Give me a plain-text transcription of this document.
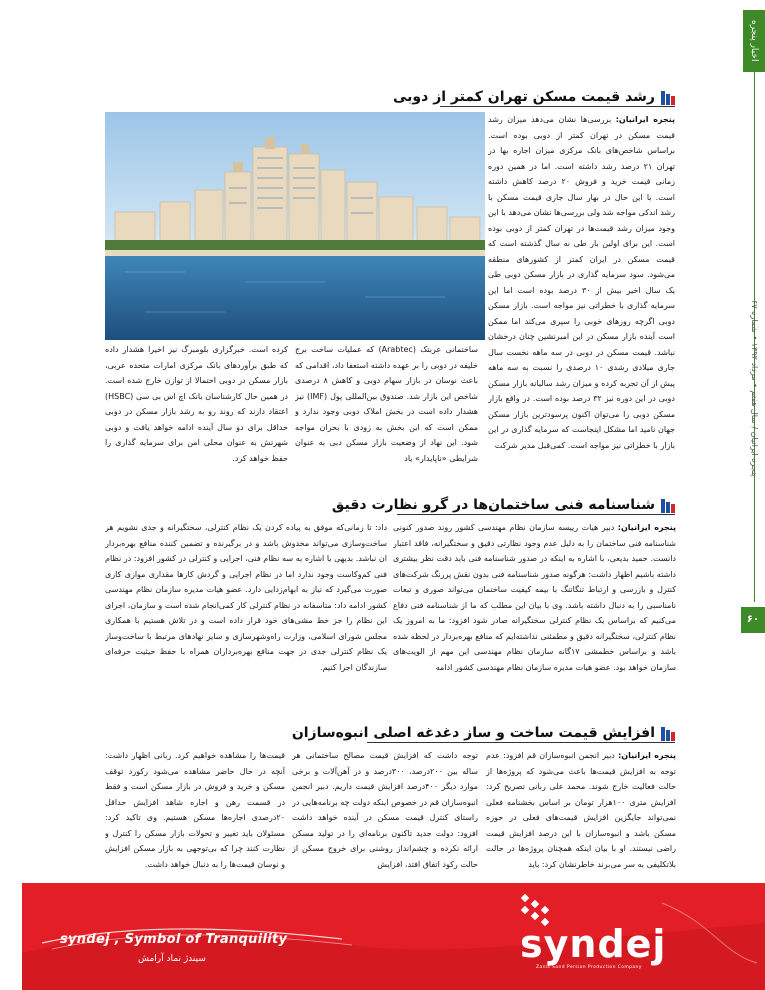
اخبار پنجره
پنجره ایرانیان / سال هفتم • مرداد ۱۳۹۲ • شماره ۶۷
۶۰
رشد قیمت مسکن تهران کمتر از دوبی
پنجره ایرانیان: بررسی‌ها نشان می‌دهد میزان رشد قیمت مسکن در تهران کمتر از دوبی بوده است. براساس شاخص‌های بانک مرکزی میزان اجاره بها در تهران ۲۱ درصد رشد داشته است. اما در همین دوره زمانی قیمت خرید و فروش ۲۰ درصد کاهش داشته است. با این حال در بهار سال جاری قیمت مسکن با رشد اندکی مواجه شد ولی بررسی‌ها نشان می‌دهد با این وجود میزان رشد قیمت‌ها در تهران کمتر از دوبی بوده است. این برای اولین بار طی نه سال گذشته است که قیمت مسکن در ایران کمتر از کشورهای منطقه می‌شود. سود سرمایه گذاری در بازار مسکن دوبی طی یک سال اخیر بیش از ۳۰ درصد بوده است اما این سرمایه گذاری با خطراتی نیز مواجه است. بازار مسکن دوبی اگرچه روزهای خوبی را سپری می‌کند اما ممکن است آینده بازار مسکن در این امیرنشین چنان درخشان نباشد. قیمت مسکن در دوبی در سه ماهه نخست سال جاری میلادی رشدی ۱۰ درصدی را نسبت به سه ماهه پیش از آن تجربه کرده و میزان رشد سالیانه بازار مسکن دوبی در این دوره نیز ۳۲ درصد بوده است. در واقع بازار مسکن دوبی را می‌توان اکنون پرسودترین بازار مسکن جهان نامید اما مشکل اینجاست که سرمایه گذاری در این بازار با خطراتی نیز مواجه است. کمی‌قبل مدیر شرکت
ساختمانی عربتک (Arabtec) که عملیات ساخت برج خلیفه در دوبی را بر عهده داشته استعفا داد، اقدامی که باعث نوسان در بازار سهام دوبی و کاهش ۸ درصدی شاخص این بازار شد. صندوق بین‌المللی پول (IMF) نیز هشدار داده است در بخش املاک دوبی وجود ندارد و ممکن است که این بخش به زودی با بحران مواجه شود. این نهاد از وضعیت بازار مسکن دبی به عنوان شرایطی «ناپایدار» یاد
کرده است. خبرگزاری بلومبرگ نیز اخیرا هشدار داده که طبق برآوردهای بانک مرکزی امارات متحده عربی، بازار مسکن در دوبی احتمالا از توازن خارج شده است. در همین حال کارشناسان بانک اچ اس بی سی (HSBC) اعتقاد دارند که روند رو به رشد بازار مسکن در دوبی حداقل برای دو سال آینده ادامه خواهد یافت و دوبی شهرتش به عنوان محلی امن برای سرمایه گذاری را حفظ خواهد کرد.
شناسنامه فنی ساختمان‌ها در گرو نظارت دقیق
پنجره ایرانیان: دبیر هیات رییسه سازمان نظام مهندسی کشور روند صدور کنونی شناسنامه فنی ساختمان را به دلیل عدم وجود نظارتی دقیق و سختگیرانه، فاقد اعتبار دانست. حمید بدیعی، با اشاره به اینکه در صدور شناسنامه فنی باید دقت نظر بیشتری داشته باشیم اظهار داشت: هرگونه صدور شناسنامه فنی بدون نقش پررنگ شرکت‌های کنترل و بازرسی و ارتباط تنگاتنگ با بیمه کیفیت ساختمان می‌تواند صوری و تبعات نامناسبی را به دنبال داشته باشد. وی با بیان این مطلب که ما از شناسنامه فنی دفاع می‌کنیم که براساس یک نظام کنترلی سختگیرانه صادر شود افزود: ما به امروز یک نظام کنترلی، سختگیرانه دقیق و مطمئنی نداشته‌ایم که منافع بهره‌بردار در لحظه شده باشد و براساس خطمشی ۱۷گانه سازمان نظام مهندسی این مهم از الویت‌های سازمان خواهد بود. عضو هیات مدیره سازمان نظام مهندسی کشور ادامه
داد: تا زمانی‌که موفق به پیاده کردن یک نظام کنترلی، سختگیرانه و جدی نشویم هر ساخت‌وسازی می‌تواند مخدوش باشد و در برگیرنده و تضمین کننده منافع بهره‌بردار ان نباشد. بدیهی با اشاره به سه نظام فنی، اجرایی و کنترلی در کشور افزود: در نظام فنی کم‌وکاست وجود ندارد اما در نظام اجرایی و گردش کارها مقداری موازی کاری صورت می‌گیرد که نیاز به ابهام‌زدایی دارد. عضو هیات مدیره سازمان نظام مهندسی کشور ادامه داد: متاسفانه در نظام کنترلی کار کمی‌انجام شده است و سازمان، اجرای این نظام را جز خط مشی‌های خود قرار داده است و در تلاش هستیم با همکاری مجلس شورای اسلامی، وزارت راه‌وشهرسازی و سایر نهادهای مرتبط با ساخت‌وساز یک نظام کنترلی جدی در جهت منافع بهره‌برداران همراه با حفظ حیثیت حرفه‌ای سازندگان اجرا کنیم.
افزایش قیمت ساخت و ساز دغدغه اصلی انبوه‌سازان
پنجره ایرانیان: دبیر انجمن انبوه‌سازان قم افزود: عدم توجه به افزایش قیمت‌ها باعث می‌شود که پروژه‌ها از حالت فعالیت خارج شوند. محمد علی ربانی تصریح کرد: افزایش متری ۱۰۰هزار تومان بر اساس بخشنامه فعلی نمی‌تواند جایگزین افزایش قیمت‌های فعلی در حوزه مسکن باشد و انبوه‌سازان با این درصد افزایش قیمت راضی نیستند. او با بیان اینکه همچنان پروژه‌ها در حالت بلاتکلیفی به سر می‌برند خاطرنشان کرد: باید
توجه داشت که افزایش قیمت مصالح ساختمانی هر ساله بین ۲۰۰درصد، ۳۰۰درصد و در آهن‌آلات و برخی موارد دیگر ۴۰۰درصد افزایش قیمت داریم. دبیر انجمن انبوه‌سازان قم در خصوص اینکه دولت چه برنامه‌هایی در راستای کنترل قیمت مسکن در آینده خواهد داشت افزود: دولت جدید تاکنون برنامه‌ای را در تولید مسکن ارائه نکرده و چشم‌انداز روشنی برای خروج مسکن از حالت رکود اتفاق افتد، افزایش
قیمت‌ها را مشاهده خواهیم کرد. ربانی اظهار داشت: آنچه در حال حاضر مشاهده می‌شود رکورد توقف مسکن و خرید و فروش در بازار مسکن است و فقط در قسمت رهن و اجاره شاهد افزایش حداقل ۲۰درصدی اجاره‌ها مسکن هستیم. وی تاکید کرد: مسئولان باید تغییر و تحولات بازار مسکن را کنترل و نظارت کنند چرا که بی‌توجهی به بازار مسکن افزایش و نوسان قیمت‌ها را به دنبال خواهد داشت.
syndej , Symbol of Tranquility
سیندژ نماد آرامش	syndej
Zanis Sand Persian Production Company
